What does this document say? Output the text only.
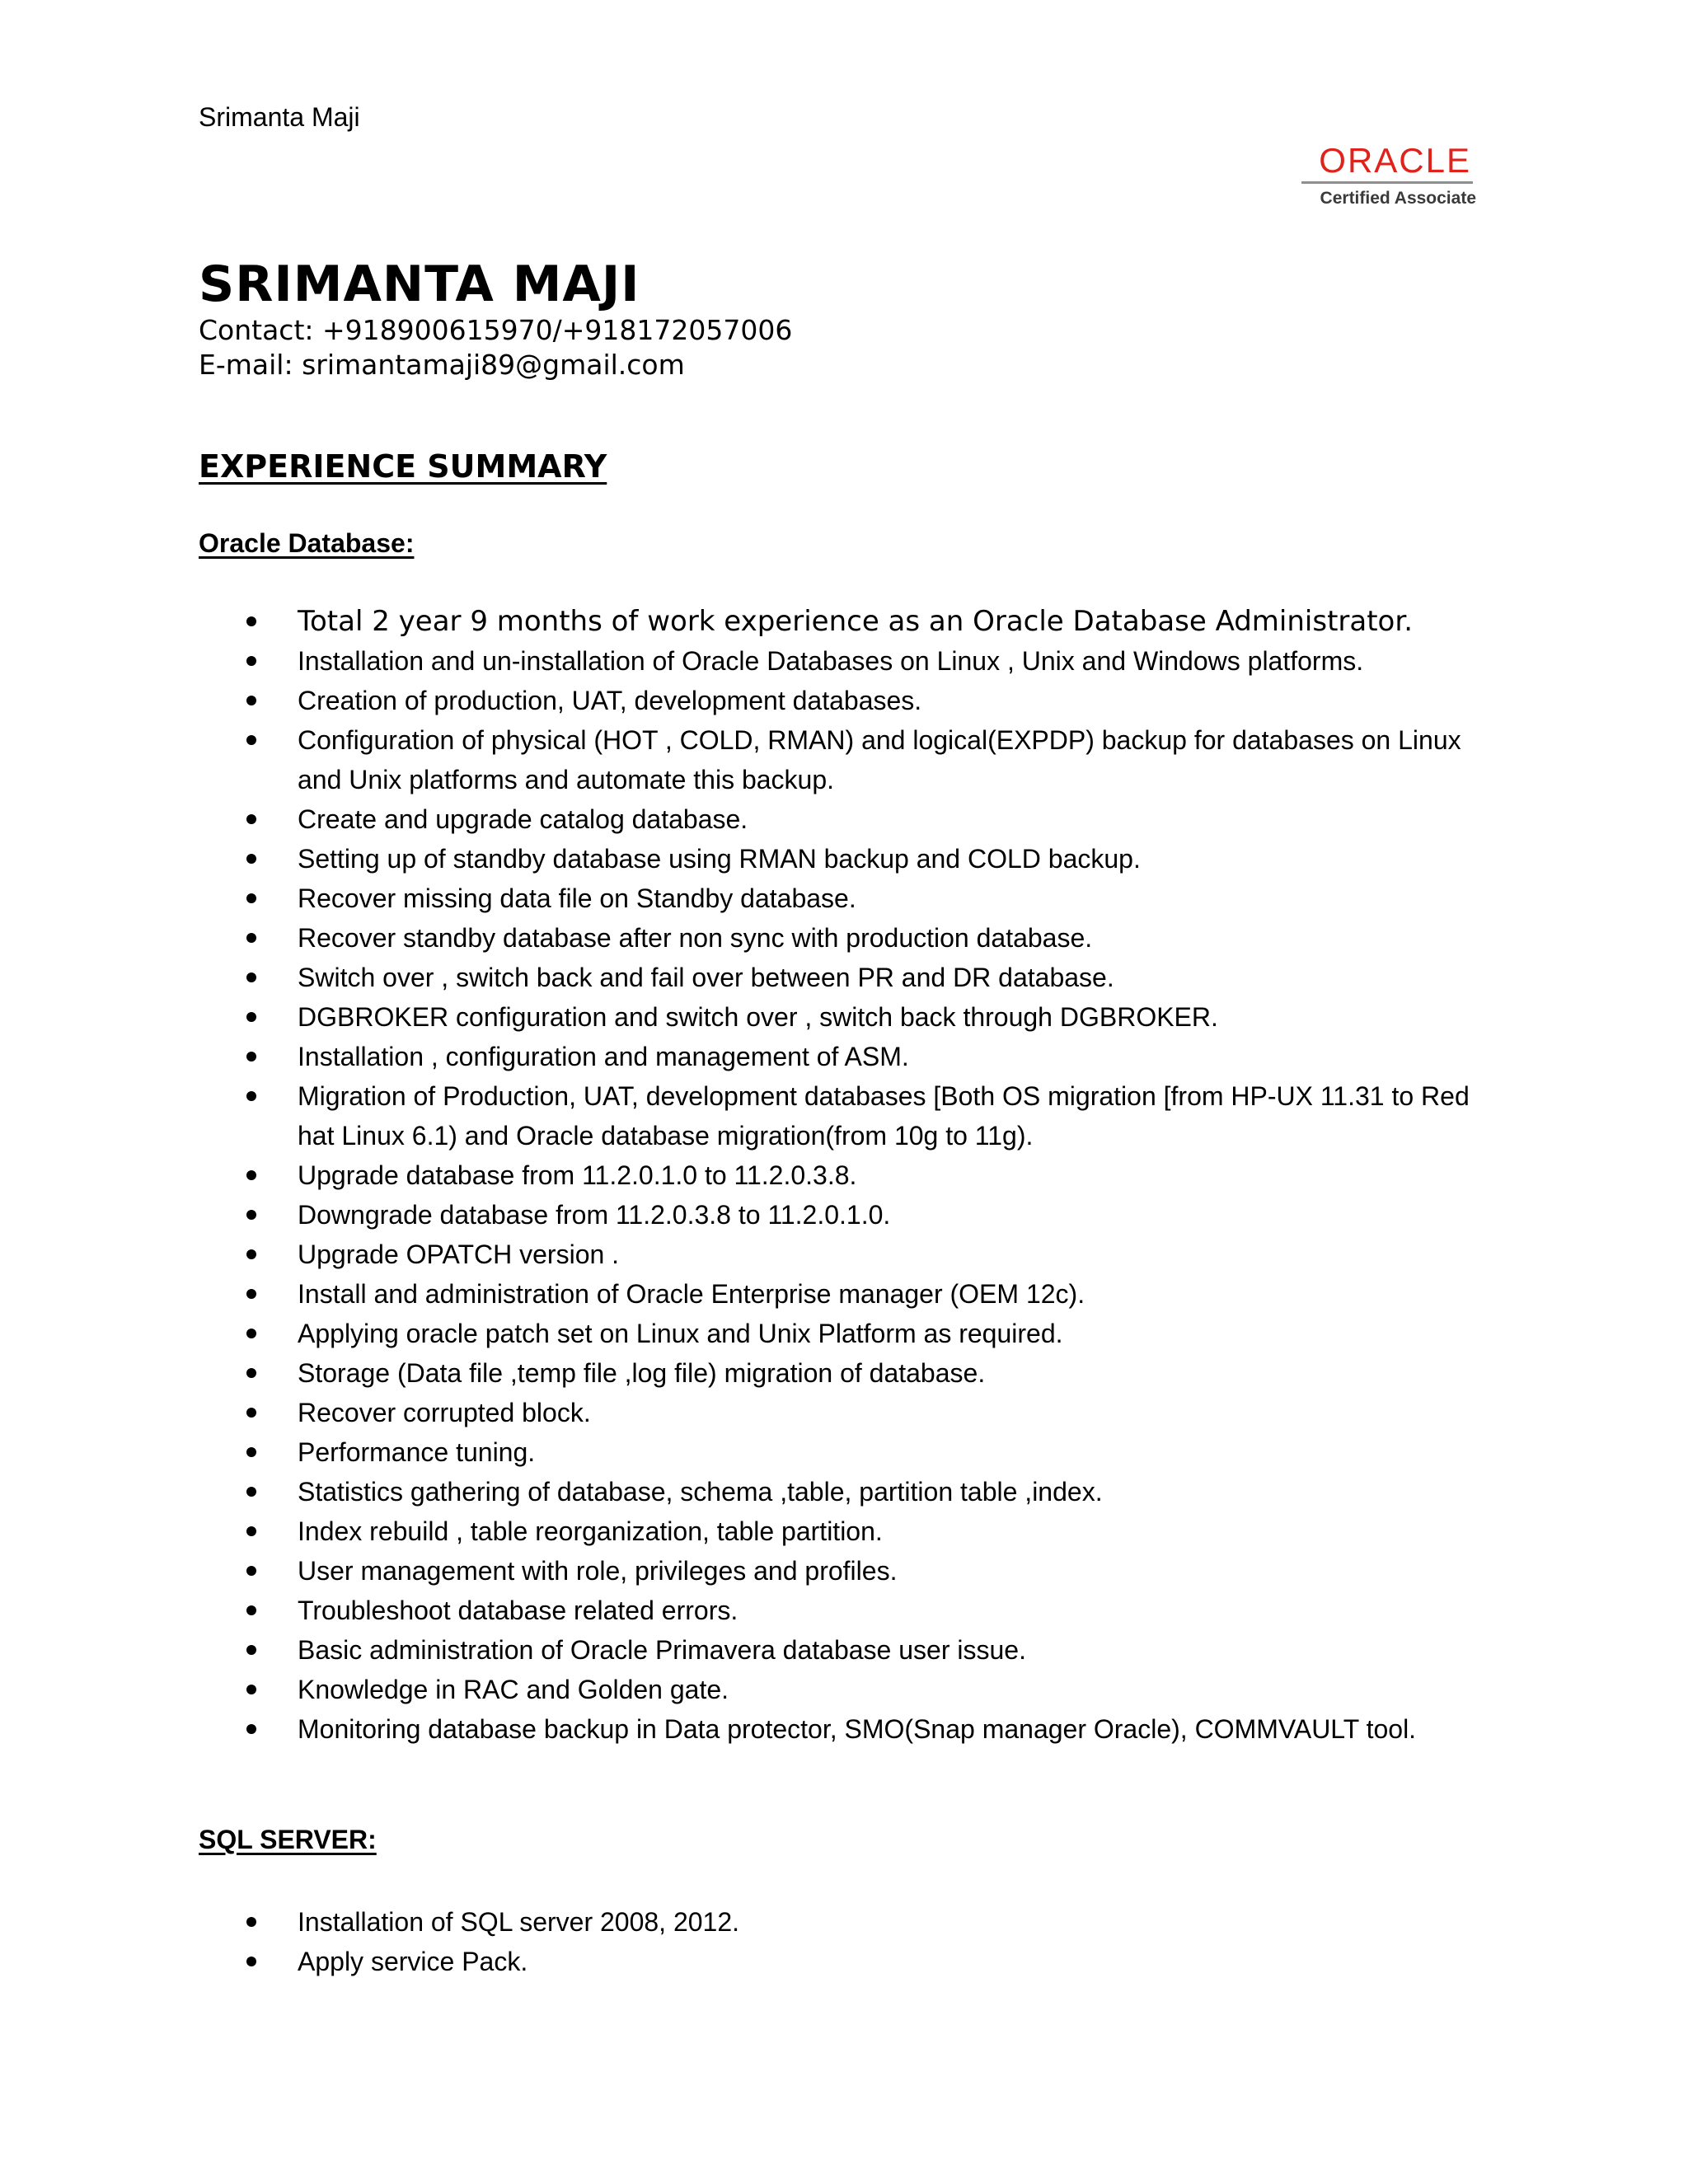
Srimanta Maji
ORACLE
Certified Associate
SRIMANTA MAJI
Contact: +918900615970/+918172057006
E-mail: srimantamaji89@gmail.com
EXPERIENCE SUMMARY
Oracle Database:
Total 2 year 9 months of work experience as an Oracle Database Administrator.
Installation and un-installation of Oracle Databases on Linux , Unix and Windows platforms.
Creation of production, UAT, development databases.
Configuration of physical (HOT , COLD, RMAN) and logical(EXPDP) backup for databases on Linux and Unix platforms and automate this backup.
Create and upgrade catalog database.
Setting up of standby database using RMAN backup and COLD backup.
Recover missing data file on Standby database.
Recover standby database after non sync with production database.
Switch over , switch back and fail over between PR and DR database.
DGBROKER configuration and switch over , switch back through DGBROKER.
Installation , configuration and management of ASM.
Migration of Production, UAT, development databases [Both OS migration [from HP-UX 11.31 to Red hat Linux 6.1) and Oracle database migration(from 10g to 11g).
Upgrade database from 11.2.0.1.0 to 11.2.0.3.8.
Downgrade database from 11.2.0.3.8 to 11.2.0.1.0.
Upgrade OPATCH version .
Install and administration of Oracle Enterprise manager (OEM 12c).
Applying oracle patch set on Linux and Unix Platform as required.
Storage (Data file ,temp file ,log file) migration of database.
Recover corrupted block.
Performance tuning.
Statistics gathering of database, schema ,table, partition table ,index.
Index rebuild , table reorganization, table partition.
User management with role, privileges and profiles.
Troubleshoot database related errors.
Basic administration of Oracle Primavera database user issue.
Knowledge in RAC and Golden gate.
Monitoring database backup in Data protector, SMO(Snap manager Oracle), COMMVAULT tool.
SQL SERVER:
Installation of SQL server 2008, 2012.
Apply service Pack.
